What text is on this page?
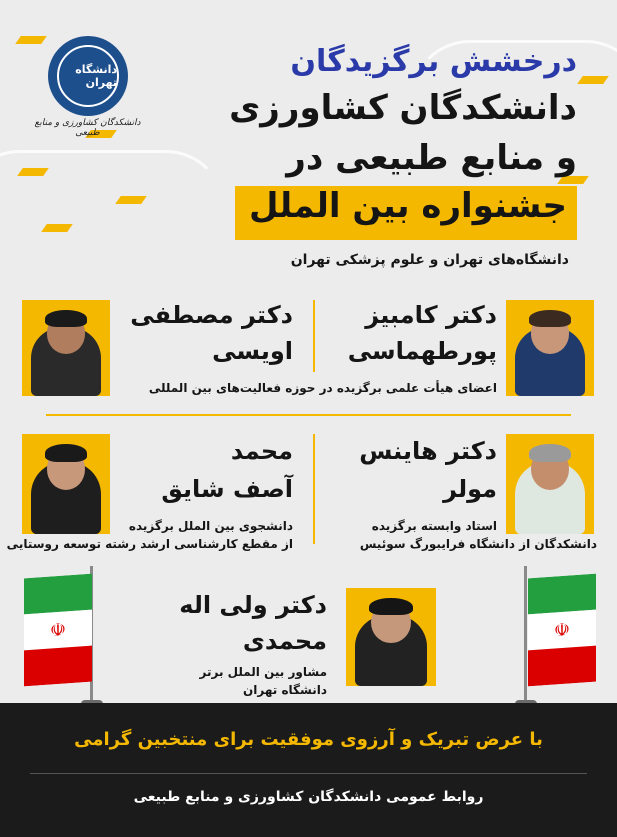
دانشگاه تهران
دانشکدگان کشاورزی و منابع طبیعی
درخشش برگزیدگان
دانشکدگان کشاورزی
و منابع طبیعی در
جشنواره بین الملل
دانشگاه‌های تهران و علوم پزشکی تهران
دکتر کامبیز
پورطهماسی
دکتر مصطفی
اویسی
اعضای هیأت علمی برگزیده در حوزه فعالیت‌های بین المللی
دکتر هاینس
مولر
استاد وابسته برگزیده
دانشکدگان از دانشگاه فرایبورگ سوئیس
محمد
آصف شایق
دانشجوی بین الملل برگزیده
از مقطع کارشناسی ارشد رشته توسعه روستایی
دکتر ولی اله
محمدی
مشاور بین الملل برتر
دانشگاه تهران
☫	☫
با عرض تبریک و آرزوی موفقیت برای منتخبین گرامی
روابط عمومی دانشکدگان کشاورزی و منابع طبیعی
